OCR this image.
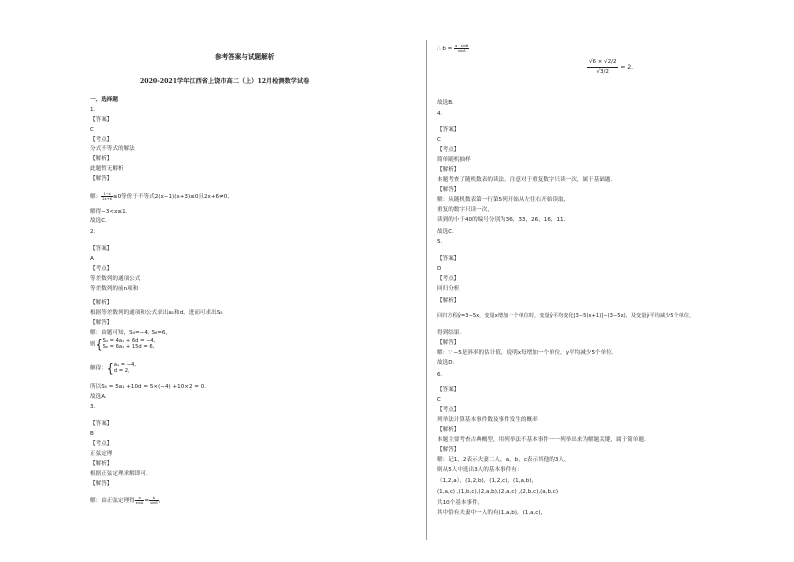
参考答案与试题解析
2020-2021学年江西省上饶市高二（上）12月检测数学试卷
一、选择题
1.
【答案】
C
【考点】
分式不等式的解法
【解析】
此题暂无解析
【解答】
解： $\frac{1-x}{2x+6} \le 0$等价于不等式2(x−1)(x+3)≤0且2x+6≠0，
解得−3<x≤1.
故选C.
2.
【答案】
A
【考点】
等差数列的通项公式
等差数列的前n项和
【解析】
根据等差数列的通项和公式求出a₁和d，进而可求出S₅
【解答】
解：由题可知，S₄=−4, S₆=6，
则{ S₄ = 4a₁ + 6d = −4,
S₆ = 6a₁ + 15d = 6,
解得：{ a₁ = −4,
d = 2,
所以S₅ = 5a₁ +10d = 5×(−4) +10×2 = 0.
故选A.
3.
【答案】
B
【考点】
正弦定理
【解析】
根据正弦定理求解即可.
【解答】
解：由正弦定理得 $\frac{a}{\sin A} = \frac{b}{\sin B}$ ，
∴ $b = \frac{a \cdot \sin B}{\sin A}$
$\frac{√6 \times √2/2}{√3/2} = 2$.
故选B.
4.
【答案】
C
【考点】
简单随机抽样
【解析】
本题考查了随机数表的读法，注意对于重复数字只读一次，属于基础题.
【解答】
解：从随机数表第一行第5列开始从左往右开始读取，
重复的数字只读一次，
读到的小于40的编号分别为36，33，26，16，11.
故选C.
5.
【答案】
D
【考点】
回归分析
【解析】
回归方程ŷ=3−5x，变量x增加一个单位时，变量ŷ平均变化[3−5(x+1)]−(3−5x)，及变量ŷ平均减少5个单位，
得到结果.
【解答】
解：∵ −5是斜率的估计值，说明x每增加一个单位，y平均减少5个单位.
故选D.
6.
【答案】
C
【考点】
列举法计算基本事件数及事件发生的概率
【解析】
本题主要考查古典概型，用列举法不基本事件一一列举出来为解题关键，属于简单题.
【解答】
解：记1，2表示夫妻二人，a，b，c表示其他的3人，
则从5人中选出3人的基本事件有：
（1,2,a），(1,2,b)，(1,2,c)，(1,a,b)，
(1,a,c) ,(1,b,c),(2,a,b),(2,a,c) ,(2,b,c),(a,b,c)
共10个基本事件，
其中恰有夫妻中一人的有(1,a,b)，(1,a,c)，
